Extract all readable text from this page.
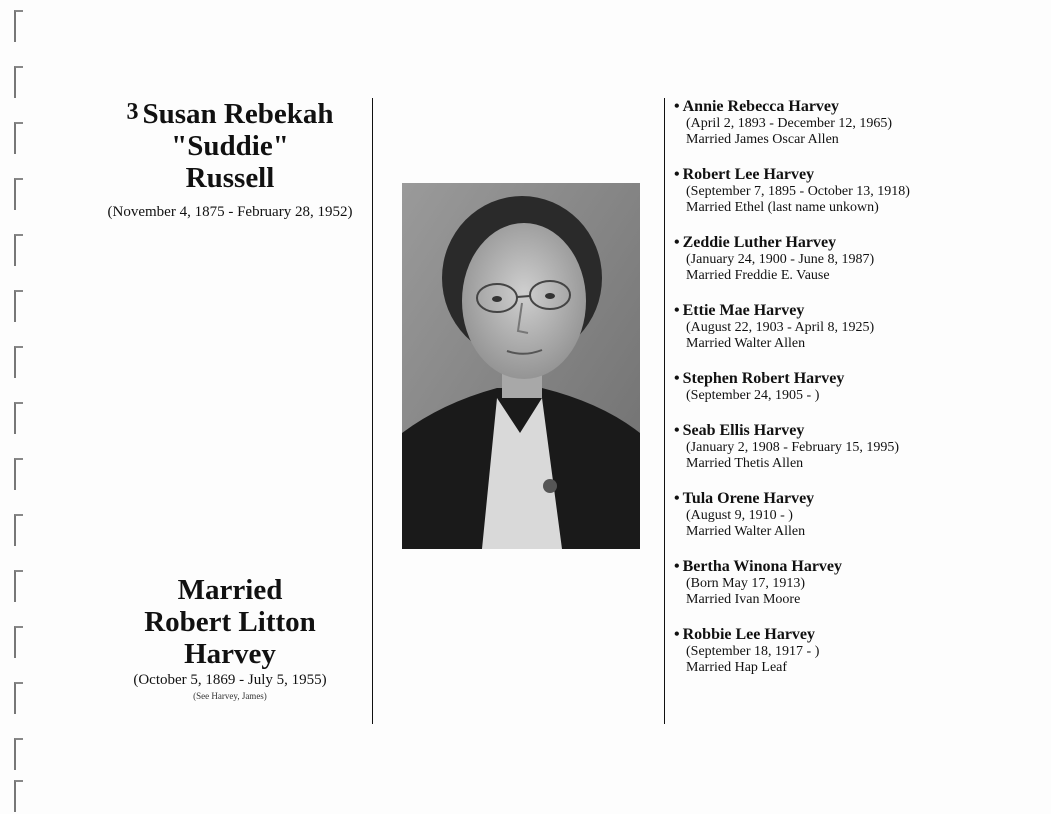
3 Susan Rebekah
"Suddie"
Russell
(November 4, 1875 - February 28, 1952)
Married
Robert Litton
Harvey
(October 5, 1869 - July 5, 1955)
(See Harvey, James)
• Annie Rebecca Harvey
(April 2, 1893 - December 12, 1965)
Married James Oscar Allen
• Robert Lee Harvey
(September 7, 1895 - October 13, 1918)
Married Ethel (last name unkown)
• Zeddie Luther Harvey
(January 24, 1900 - June 8, 1987)
Married Freddie E. Vause
• Ettie Mae Harvey
(August 22, 1903 - April 8, 1925)
Married Walter Allen
• Stephen Robert Harvey
(September 24, 1905 - )
• Seab Ellis Harvey
(January 2, 1908 - February 15, 1995)
Married Thetis Allen
• Tula Orene Harvey
(August 9, 1910 - )
Married Walter Allen
• Bertha Winona Harvey
(Born May 17, 1913)
Married Ivan Moore
• Robbie Lee Harvey
(September 18, 1917 - )
Married Hap Leaf
